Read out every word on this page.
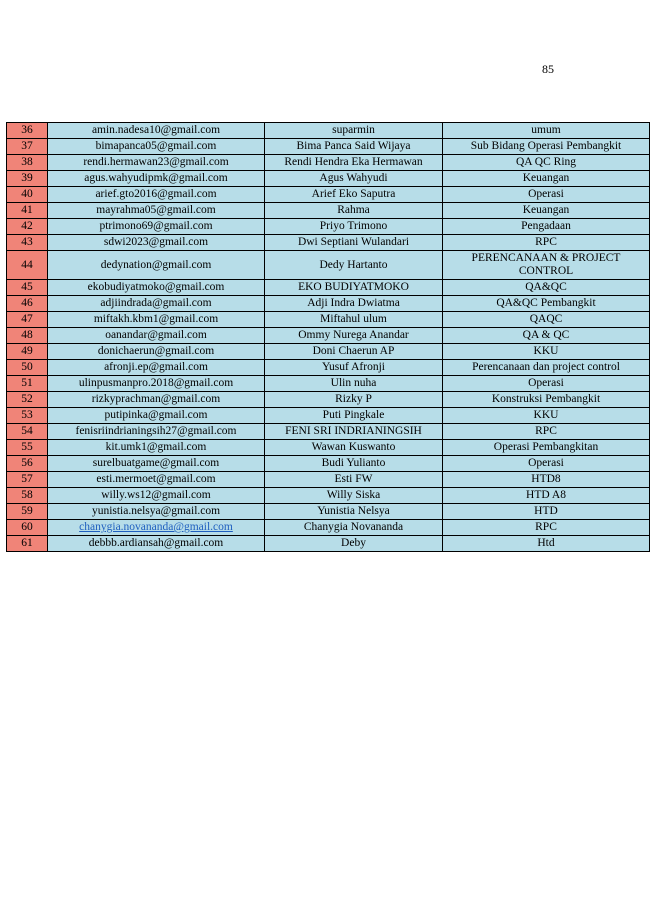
85
36	amin.nadesa10@gmail.com	suparmin	umum
37	bimapanca05@gmail.com	Bima Panca Said Wijaya	Sub Bidang Operasi Pembangkit
38	rendi.hermawan23@gmail.com	Rendi Hendra Eka Hermawan	QA QC Ring
39	agus.wahyudipmk@gmail.com	Agus Wahyudi	Keuangan
40	arief.gto2016@gmail.com	Arief Eko Saputra	Operasi
41	mayrahma05@gmail.com	Rahma	Keuangan
42	ptrimono69@gmail.com	Priyo Trimono	Pengadaan
43	sdwi2023@gmail.com	Dwi Septiani Wulandari	RPC
44	dedynation@gmail.com	Dedy Hartanto	PERENCANAAN & PROJECT CONTROL
45	ekobudiyatmoko@gmail.com	EKO BUDIYATMOKO	QA&QC
46	adjiindrada@gmail.com	Adji Indra Dwiatma	QA&QC Pembangkit
47	miftakh.kbm1@gmail.com	Miftahul ulum	QAQC
48	oanandar@gmail.com	Ommy Nurega Anandar	QA & QC
49	donichaerun@gmail.com	Doni Chaerun AP	KKU
50	afronji.ep@gmail.com	Yusuf Afronji	Perencanaan dan project control
51	ulinpusmanpro.2018@gmail.com	Ulin nuha	Operasi
52	rizkyprachman@gmail.com	Rizky P	Konstruksi Pembangkit
53	putipinka@gmail.com	Puti Pingkale	KKU
54	fenisriindrianingsih27@gmail.com	FENI SRI INDRIANINGSIH	RPC
55	kit.umk1@gmail.com	Wawan Kuswanto	Operasi Pembangkitan
56	surelbuatgame@gmail.com	Budi Yulianto	Operasi
57	esti.mermoet@gmail.com	Esti FW	HTD8
58	willy.ws12@gmail.com	Willy Siska	HTD A8
59	yunistia.nelsya@gmail.com	Yunistia Nelsya	HTD
60	chanygia.novananda@gmail.com	Chanygia Novananda	RPC
61	debbb.ardiansah@gmail.com	Deby	Htd
